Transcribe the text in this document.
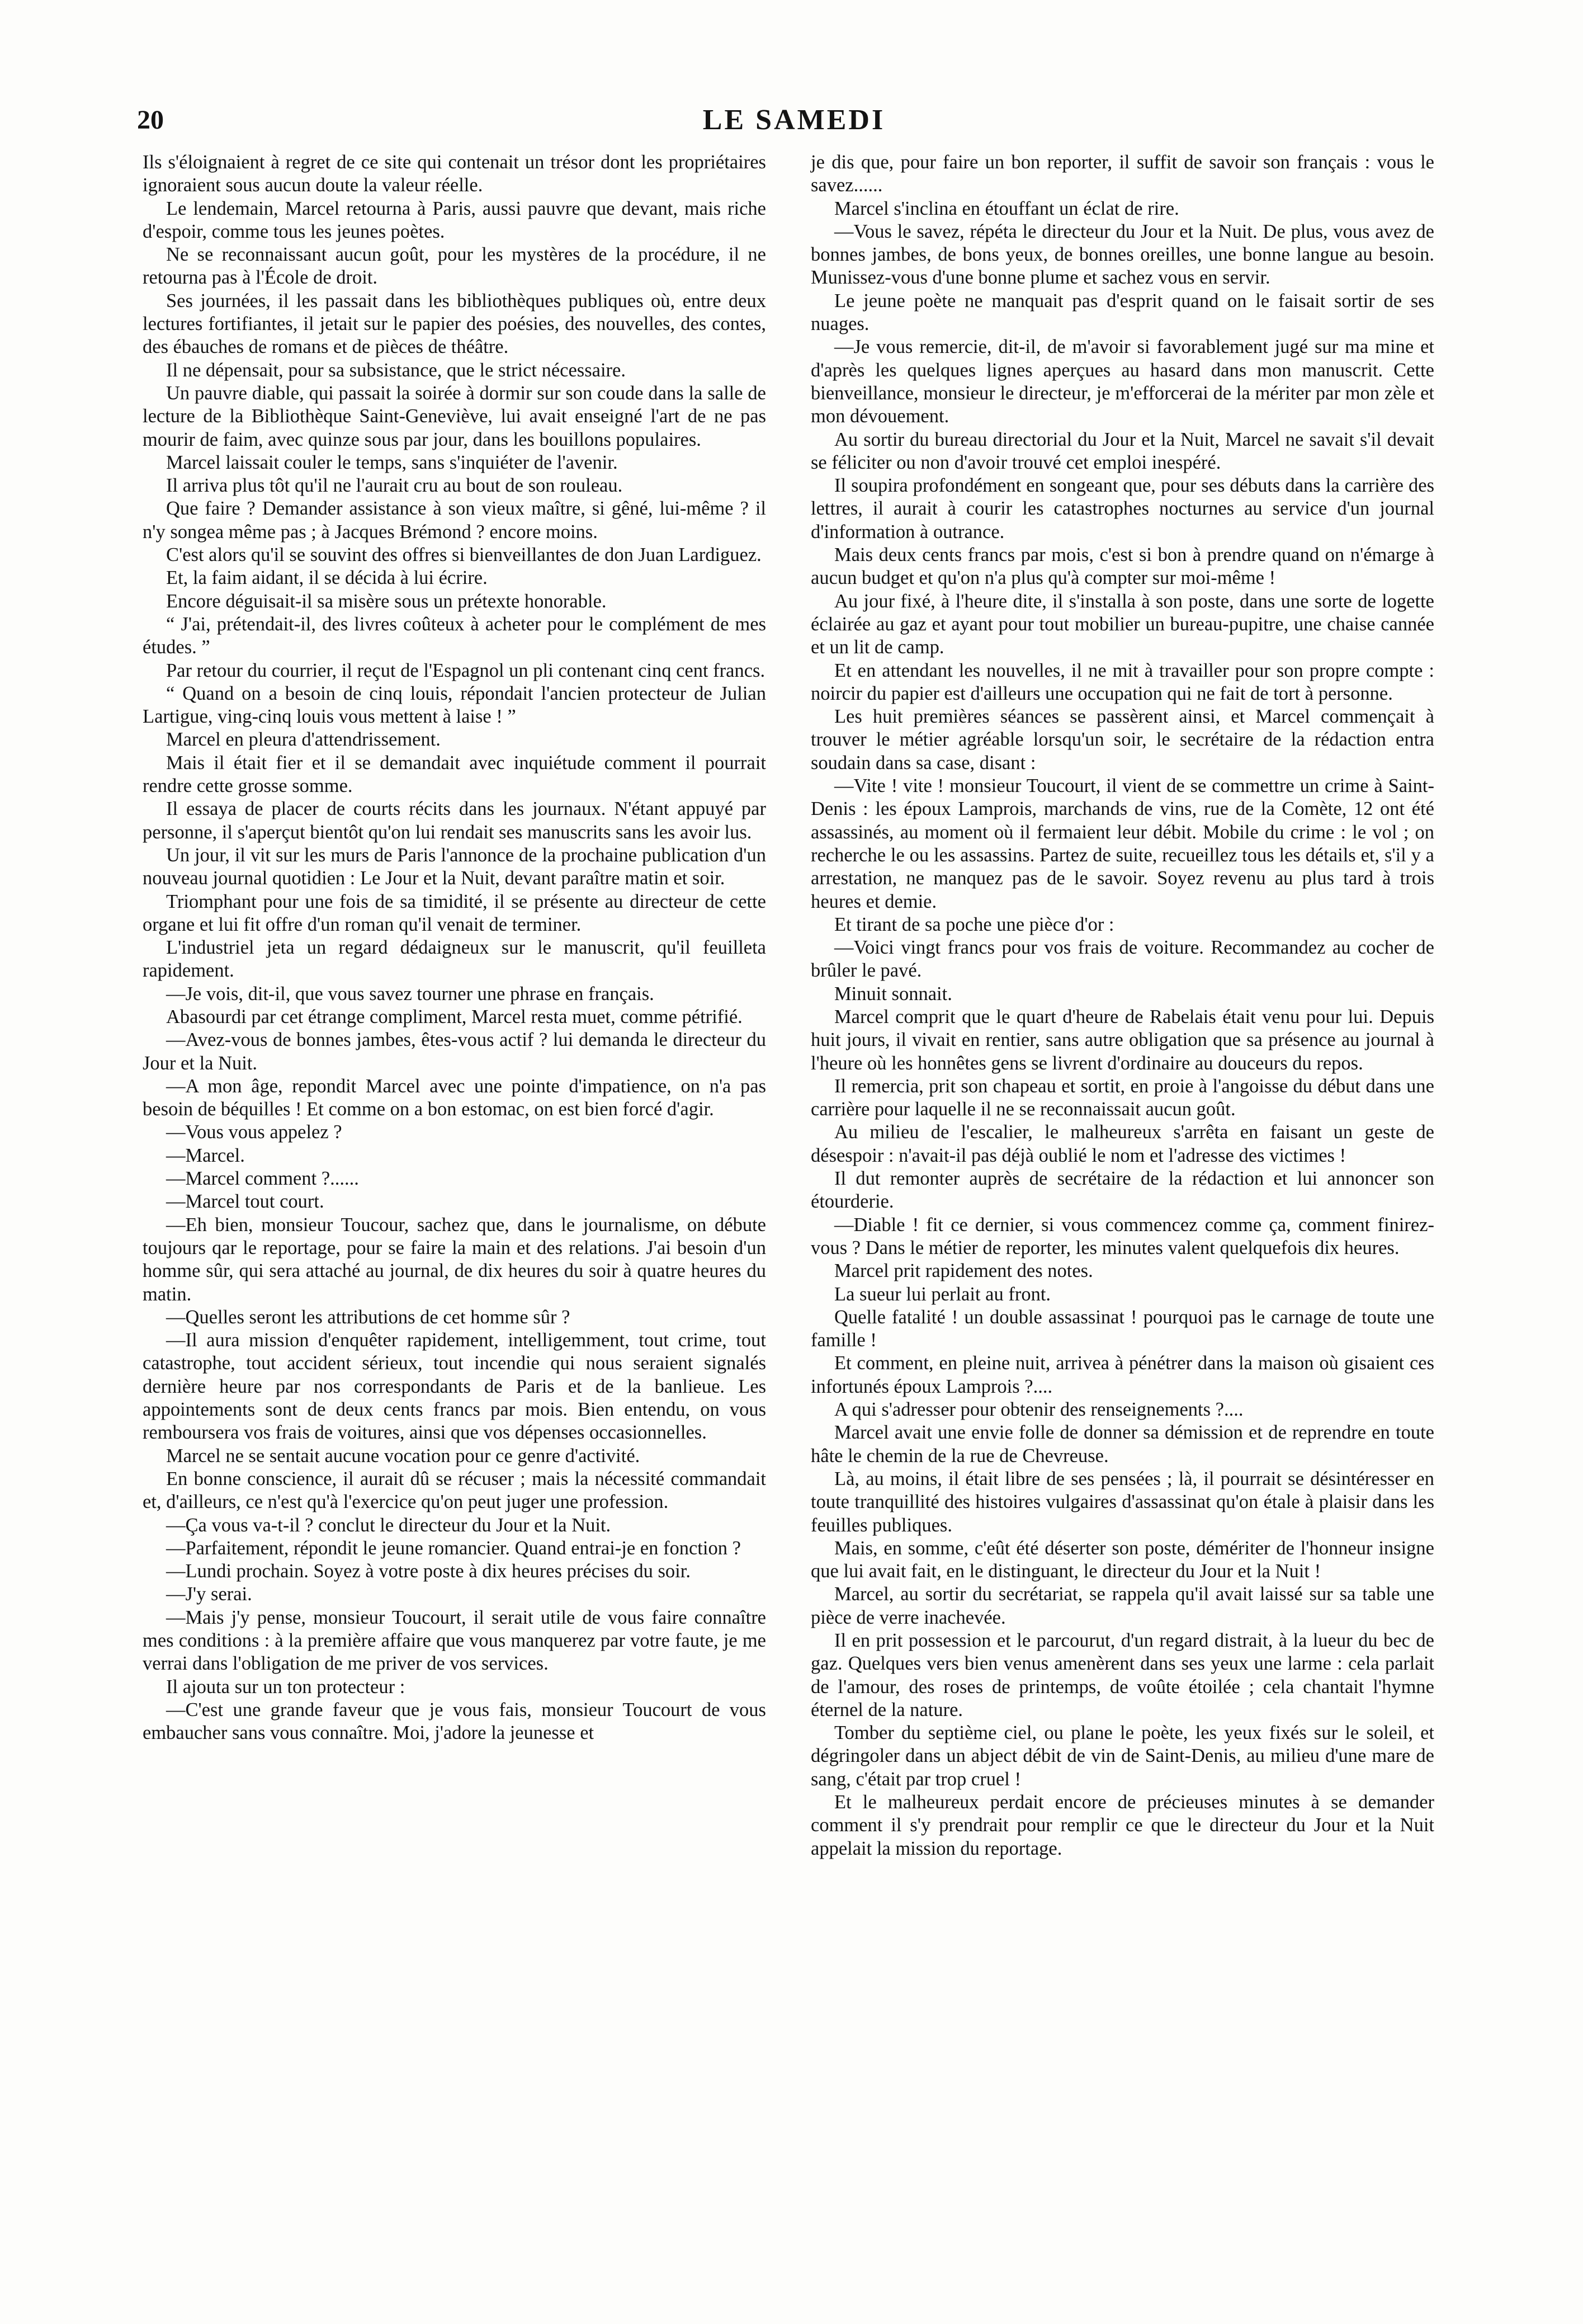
20	LE SAMEDI

Ils s'éloignaient à regret de ce site qui contenait un trésor dont les propriétaires ignoraient sous aucun doute la valeur réelle.

Le lendemain, Marcel retourna à Paris, aussi pauvre que devant, mais riche d'espoir, comme tous les jeunes poètes.

Ne se reconnaissant aucun goût, pour les mystères de la procédure, il ne retourna pas à l'École de droit.

Ses journées, il les passait dans les bibliothèques publiques où, entre deux lectures fortifiantes, il jetait sur le papier des poésies, des nouvelles, des contes, des ébauches de romans et de pièces de théâtre.

Il ne dépensait, pour sa subsistance, que le strict nécessaire.

Un pauvre diable, qui passait la soirée à dormir sur son coude dans la salle de lecture de la Bibliothèque Saint-Geneviève, lui avait enseigné l'art de ne pas mourir de faim, avec quinze sous par jour, dans les bouillons populaires.

Marcel laissait couler le temps, sans s'inquiéter de l'avenir.

Il arriva plus tôt qu'il ne l'aurait cru au bout de son rouleau.

Que faire ? Demander assistance à son vieux maître, si gêné, lui-même ? il n'y songea même pas ; à Jacques Brémond ? encore moins.

C'est alors qu'il se souvint des offres si bienveillantes de don Juan Lardiguez.

Et, la faim aidant, il se décida à lui écrire.

Encore déguisait-il sa misère sous un prétexte honorable.

“ J'ai, prétendait-il, des livres coûteux à acheter pour le complément de mes études. ”

Par retour du courrier, il reçut de l'Espagnol un pli contenant cinq cent francs.

“ Quand on a besoin de cinq louis, répondait l'ancien protecteur de Julian Lartigue, ving-cinq louis vous mettent à laise ! ”

Marcel en pleura d'attendrissement.

Mais il était fier et il se demandait avec inquiétude comment il pourrait rendre cette grosse somme.

Il essaya de placer de courts récits dans les journaux. N'étant appuyé par personne, il s'aperçut bientôt qu'on lui rendait ses manuscrits sans les avoir lus.

Un jour, il vit sur les murs de Paris l'annonce de la prochaine publication d'un nouveau journal quotidien : Le Jour et la Nuit, devant paraître matin et soir.

Triomphant pour une fois de sa timidité, il se présente au directeur de cette organe et lui fit offre d'un roman qu'il venait de terminer.

L'industriel jeta un regard dédaigneux sur le manuscrit, qu'il feuilleta rapidement.

—Je vois, dit-il, que vous savez tourner une phrase en français.

Abasourdi par cet étrange compliment, Marcel resta muet, comme pétrifié.

—Avez-vous de bonnes jambes, êtes-vous actif ? lui demanda le directeur du Jour et la Nuit.

—A mon âge, repondit Marcel avec une pointe d'impatience, on n'a pas besoin de béquilles ! Et comme on a bon estomac, on est bien forcé d'agir.

—Vous vous appelez ?

—Marcel.

—Marcel comment ?......

—Marcel tout court.

—Eh bien, monsieur Toucour, sachez que, dans le journalisme, on débute toujours qar le reportage, pour se faire la main et des relations. J'ai besoin d'un homme sûr, qui sera attaché au journal, de dix heures du soir à quatre heures du matin.

—Quelles seront les attributions de cet homme sûr ?

—Il aura mission d'enquêter rapidement, intelligemment, tout crime, tout catastrophe, tout accident sérieux, tout incendie qui nous seraient signalés dernière heure par nos correspondants de Paris et de la banlieue. Les appointements sont de deux cents francs par mois. Bien entendu, on vous remboursera vos frais de voitures, ainsi que vos dépenses occasionnelles.

Marcel ne se sentait aucune vocation pour ce genre d'activité.

En bonne conscience, il aurait dû se récuser ; mais la nécessité commandait et, d'ailleurs, ce n'est qu'à l'exercice qu'on peut juger une profession.

—Ça vous va-t-il ? conclut le directeur du Jour et la Nuit.

—Parfaitement, répondit le jeune romancier. Quand entrai-je en fonction ?

—Lundi prochain. Soyez à votre poste à dix heures précises du soir.

—J'y serai.

—Mais j'y pense, monsieur Toucourt, il serait utile de vous faire connaître mes conditions : à la première affaire que vous manquerez par votre faute, je me verrai dans l'obligation de me priver de vos services.

Il ajouta sur un ton protecteur :

—C'est une grande faveur que je vous fais, monsieur Toucourt de vous embaucher sans vous connaître. Moi, j'adore la jeunesse et

je dis que, pour faire un bon reporter, il suffit de savoir son français : vous le savez......

Marcel s'inclina en étouffant un éclat de rire.

—Vous le savez, répéta le directeur du Jour et la Nuit. De plus, vous avez de bonnes jambes, de bons yeux, de bonnes oreilles, une bonne langue au besoin. Munissez-vous d'une bonne plume et sachez vous en servir.

Le jeune poète ne manquait pas d'esprit quand on le faisait sortir de ses nuages.

—Je vous remercie, dit-il, de m'avoir si favorablement jugé sur ma mine et d'après les quelques lignes aperçues au hasard dans mon manuscrit. Cette bienveillance, monsieur le directeur, je m'efforcerai de la mériter par mon zèle et mon dévouement.

Au sortir du bureau directorial du Jour et la Nuit, Marcel ne savait s'il devait se féliciter ou non d'avoir trouvé cet emploi inespéré.

Il soupira profondément en songeant que, pour ses débuts dans la carrière des lettres, il aurait à courir les catastrophes nocturnes au service d'un journal d'information à outrance.

Mais deux cents francs par mois, c'est si bon à prendre quand on n'émarge à aucun budget et qu'on n'a plus qu'à compter sur moi-même !

Au jour fixé, à l'heure dite, il s'installa à son poste, dans une sorte de logette éclairée au gaz et ayant pour tout mobilier un bureau-pupitre, une chaise cannée et un lit de camp.

Et en attendant les nouvelles, il ne mit à travailler pour son propre compte : noircir du papier est d'ailleurs une occupation qui ne fait de tort à personne.

Les huit premières séances se passèrent ainsi, et Marcel commençait à trouver le métier agréable lorsqu'un soir, le secrétaire de la rédaction entra soudain dans sa case, disant :

—Vite ! vite ! monsieur Toucourt, il vient de se commettre un crime à Saint-Denis : les époux Lamprois, marchands de vins, rue de la Comète, 12 ont été assassinés, au moment où il fermaient leur débit. Mobile du crime : le vol ; on recherche le ou les assassins. Partez de suite, recueillez tous les détails et, s'il y a arrestation, ne manquez pas de le savoir. Soyez revenu au plus tard à trois heures et demie.

Et tirant de sa poche une pièce d'or :

—Voici vingt francs pour vos frais de voiture. Recommandez au cocher de brûler le pavé.

Minuit sonnait.

Marcel comprit que le quart d'heure de Rabelais était venu pour lui. Depuis huit jours, il vivait en rentier, sans autre obligation que sa présence au journal à l'heure où les honnêtes gens se livrent d'ordinaire au douceurs du repos.

Il remercia, prit son chapeau et sortit, en proie à l'angoisse du début dans une carrière pour laquelle il ne se reconnaissait aucun goût.

Au milieu de l'escalier, le malheureux s'arrêta en faisant un geste de désespoir : n'avait-il pas déjà oublié le nom et l'adresse des victimes !

Il dut remonter auprès de secrétaire de la rédaction et lui annoncer son étourderie.

—Diable ! fit ce dernier, si vous commencez comme ça, comment finirez-vous ? Dans le métier de reporter, les minutes valent quelquefois dix heures.

Marcel prit rapidement des notes.

La sueur lui perlait au front.

Quelle fatalité ! un double assassinat ! pourquoi pas le carnage de toute une famille !

Et comment, en pleine nuit, arrivea à pénétrer dans la maison où gisaient ces infortunés époux Lamprois ?....

A qui s'adresser pour obtenir des renseignements ?....

Marcel avait une envie folle de donner sa démission et de reprendre en toute hâte le chemin de la rue de Chevreuse.

Là, au moins, il était libre de ses pensées ; là, il pourrait se désintéresser en toute tranquillité des histoires vulgaires d'assassinat qu'on étale à plaisir dans les feuilles publiques.

Mais, en somme, c'eût été déserter son poste, démériter de l'honneur insigne que lui avait fait, en le distinguant, le directeur du Jour et la Nuit !

Marcel, au sortir du secrétariat, se rappela qu'il avait laissé sur sa table une pièce de verre inachevée.

Il en prit possession et le parcourut, d'un regard distrait, à la lueur du bec de gaz. Quelques vers bien venus amenèrent dans ses yeux une larme : cela parlait de l'amour, des roses de printemps, de voûte étoilée ; cela chantait l'hymne éternel de la nature.

Tomber du septième ciel, ou plane le poète, les yeux fixés sur le soleil, et dégringoler dans un abject débit de vin de Saint-Denis, au milieu d'une mare de sang, c'était par trop cruel !

Et le malheureux perdait encore de précieuses minutes à se demander comment il s'y prendrait pour remplir ce que le directeur du Jour et la Nuit appelait la mission du reportage.
